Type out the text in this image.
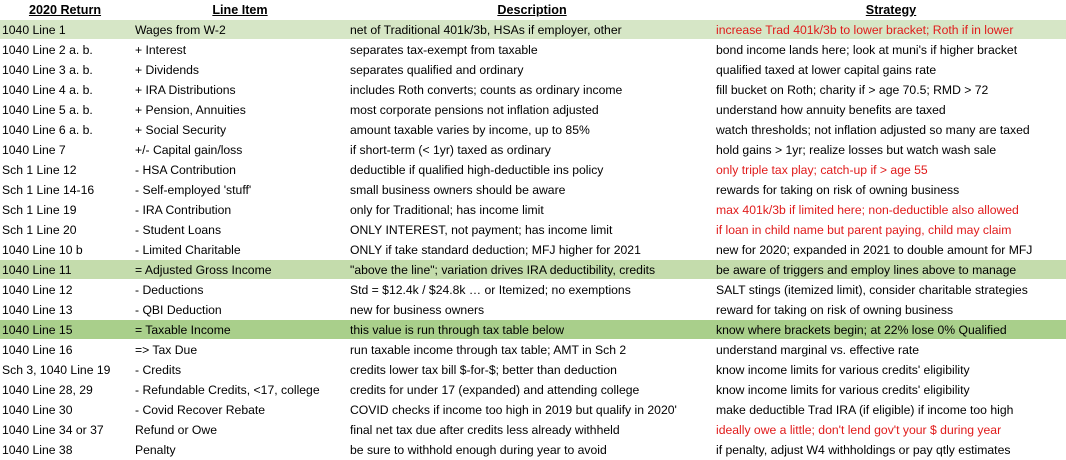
2020 Return	Line Item	Description	Strategy
1040 Line 1	Wages from W-2	net of Traditional 401k/3b, HSAs if employer, other	increase Trad 401k/3b to lower bracket; Roth if in lower
1040 Line 2 a. b.	+ Interest	separates tax-exempt from taxable	bond income lands here; look at muni's if higher bracket
1040 Line 3 a. b.	+ Dividends	separates qualified and ordinary	qualified taxed at lower capital gains rate
1040 Line 4 a. b.	+ IRA Distributions	includes Roth converts; counts as ordinary income	fill bucket on Roth; charity if > age 70.5; RMD > 72
1040 Line 5 a. b.	+ Pension, Annuities	most corporate pensions not inflation adjusted	understand how annuity benefits are taxed
1040 Line 6 a. b.	+ Social Security	amount taxable varies by income, up to 85%	watch thresholds; not inflation adjusted so many are taxed
1040 Line 7	+/- Capital gain/loss	if short-term (< 1yr) taxed as ordinary	hold gains > 1yr; realize losses but watch wash sale
Sch 1 Line 12	- HSA Contribution	deductible if qualified high-deductible ins policy	only triple tax play; catch-up if > age 55
Sch 1 Line 14-16	- Self-employed 'stuff'	small business owners should be aware	rewards for taking on risk of owning business
Sch 1 Line 19	- IRA Contribution	only for Traditional; has income limit	max 401k/3b if limited here; non-deductible also allowed
Sch 1 Line 20	- Student Loans	ONLY INTEREST, not payment; has income limit	if loan in child name but parent paying, child may claim
1040 Line 10 b	- Limited Charitable	ONLY if take standard deduction; MFJ higher for 2021	new for 2020; expanded in 2021 to double amount for MFJ
1040 Line 11	= Adjusted Gross Income	"above the line"; variation drives IRA deductibility, credits	be aware of triggers and employ lines above to manage
1040 Line 12	- Deductions	Std = $12.4k / $24.8k … or Itemized; no exemptions	SALT stings (itemized limit), consider charitable strategies
1040 Line 13	- QBI Deduction	new for business owners	reward for taking on risk of owning business
1040 Line 15	= Taxable Income	this value is run through tax table below	know where brackets begin; at 22% lose 0% Qualified
1040 Line 16	=> Tax Due	run taxable income through tax table; AMT in Sch 2	understand marginal vs. effective rate
Sch 3, 1040 Line 19	- Credits	credits lower tax bill $-for-$; better than deduction	know income limits for various credits' eligibility
1040 Line 28, 29	- Refundable Credits, <17, college	credits for under 17 (expanded) and attending college	know income limits for various credits' eligibility
1040 Line 30	- Covid Recover Rebate	COVID checks if income too high in 2019 but qualify in 2020'	make deductible Trad IRA (if eligible) if income too high
1040 Line 34 or 37	Refund or Owe	final net tax due after credits less already withheld	ideally owe a little; don't lend gov't your $ during year
1040 Line 38	Penalty	be sure to withhold enough during year to avoid	if penalty, adjust W4 withholdings or pay qtly estimates
